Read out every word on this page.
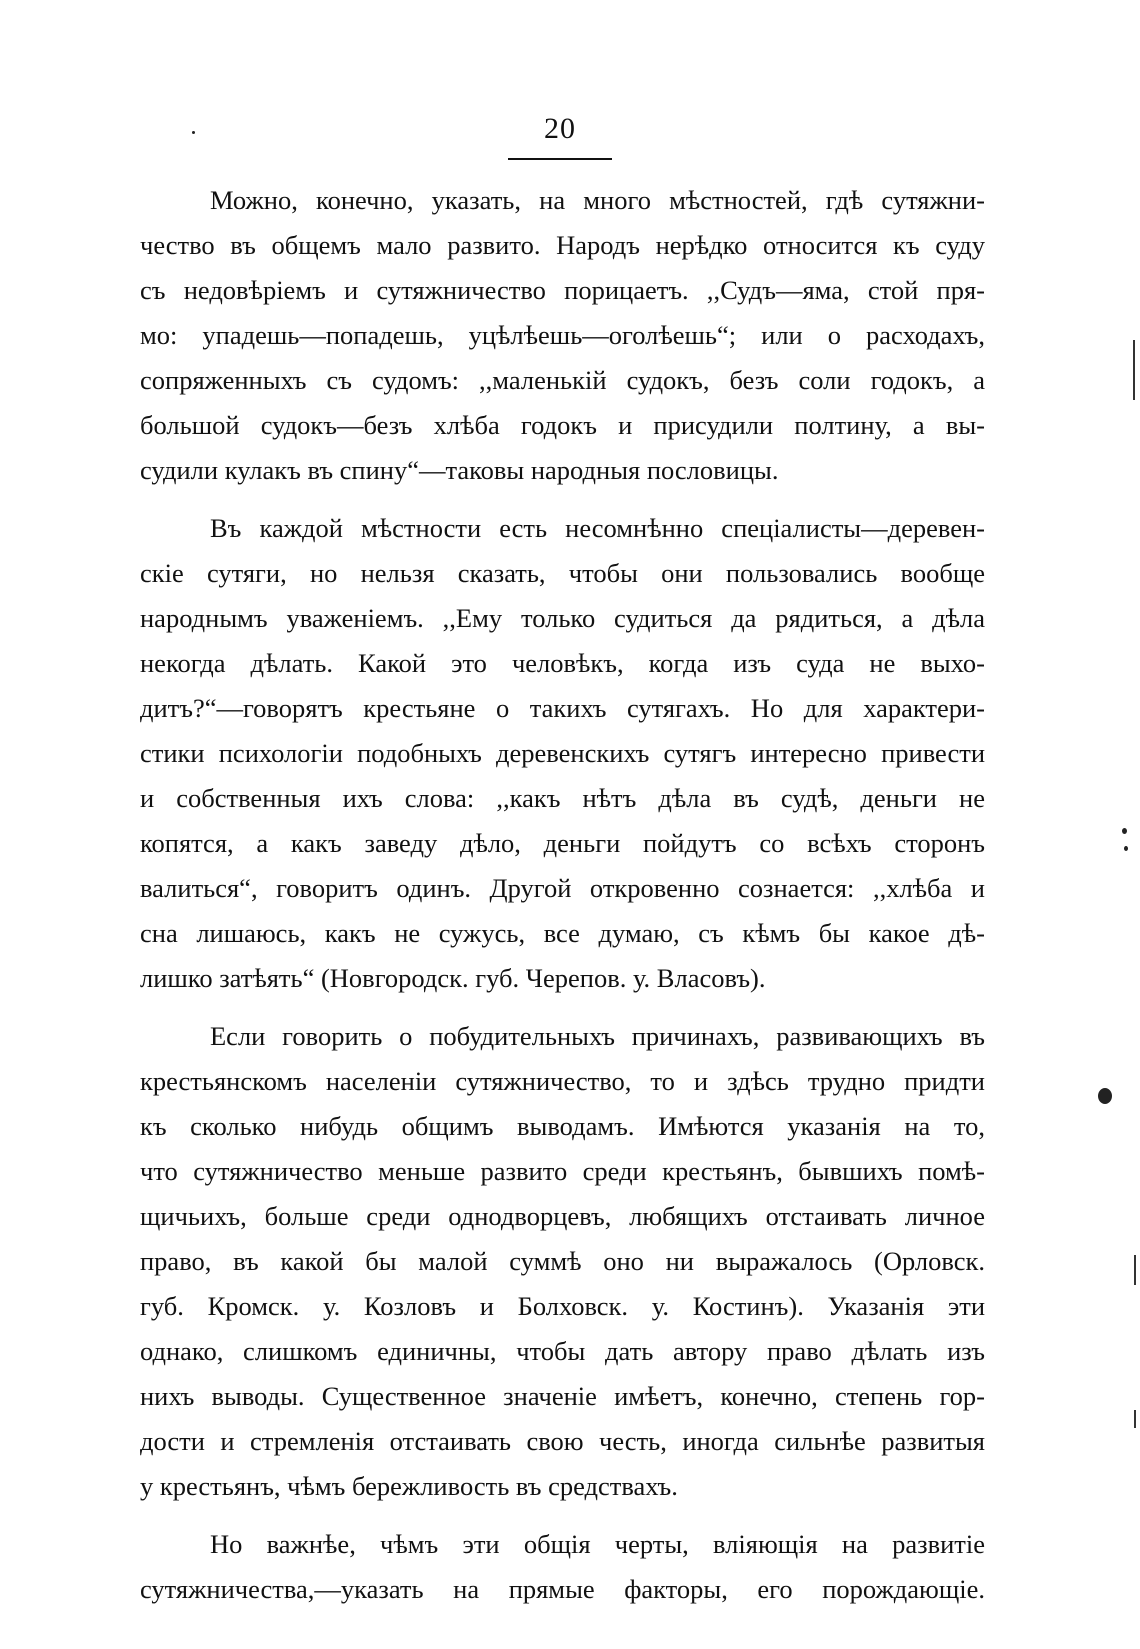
20
Можно, конечно, указать, на много мѣстностей, гдѣ сутяжни-
чество въ общемъ мало развито. Народъ нерѣдко относится къ суду
съ недовѣріемъ и сутяжничество порицаетъ. ,,Судъ—яма, стой пря-
мо: упадешь—попадешь, уцѣлѣешь—оголѣешь“; или о расходахъ,
сопряженныхъ съ судомъ: ,,маленькій судокъ, безъ соли годокъ, а
большой судокъ—безъ хлѣба годокъ и присудили полтину, а вы-
судили кулакъ въ спину“—таковы народныя пословицы.
Въ каждой мѣстности есть несомнѣнно спеціалисты—деревен-
скіе сутяги, но нельзя сказать, чтобы они пользовались вообще
народнымъ уваженіемъ. ,,Ему только судиться да рядиться, а дѣла
некогда дѣлать. Какой это человѣкъ, когда изъ суда не выхо-
дитъ?“—говорятъ крестьяне о такихъ сутягахъ. Но для характери-
стики психологіи подобныхъ деревенскихъ сутягъ интересно привести
и собственныя ихъ слова: ,,какъ нѣтъ дѣла въ судѣ, деньги не
копятся, а какъ заведу дѣло, деньги пойдутъ со всѣхъ сторонъ
валиться“, говоритъ одинъ. Другой откровенно сознается: ,,хлѣба и
сна лишаюсь, какъ не сужусь, все думаю, съ кѣмъ бы какое дѣ-
лишко затѣять“ (Новгородск. губ. Черепов. у. Власовъ).
Если говорить о побудительныхъ причинахъ, развивающихъ въ
крестьянскомъ населеніи сутяжничество, то и здѣсь трудно придти
къ сколько нибудь общимъ выводамъ. Имѣются указанія на то,
что сутяжничество меньше развито среди крестьянъ, бывшихъ помѣ-
щичьихъ, больше среди однодворцевъ, любящихъ отстаивать личное
право, въ какой бы малой суммѣ оно ни выражалось (Орловск.
губ. Кромск. у. Козловъ и Болховск. у. Костинъ). Указанія эти
однако, слишкомъ единичны, чтобы дать автору право дѣлать изъ
нихъ выводы. Существенное значеніе имѣетъ, конечно, степень гор-
дости и стремленія отстаивать свою честь, иногда сильнѣе развитыя
у крестьянъ, чѣмъ бережливость въ средствахъ.
Но важнѣе, чѣмъ эти общія черты, вліяющія на развитіе
сутяжничества,—указать на прямые факторы, его порождающіе.
